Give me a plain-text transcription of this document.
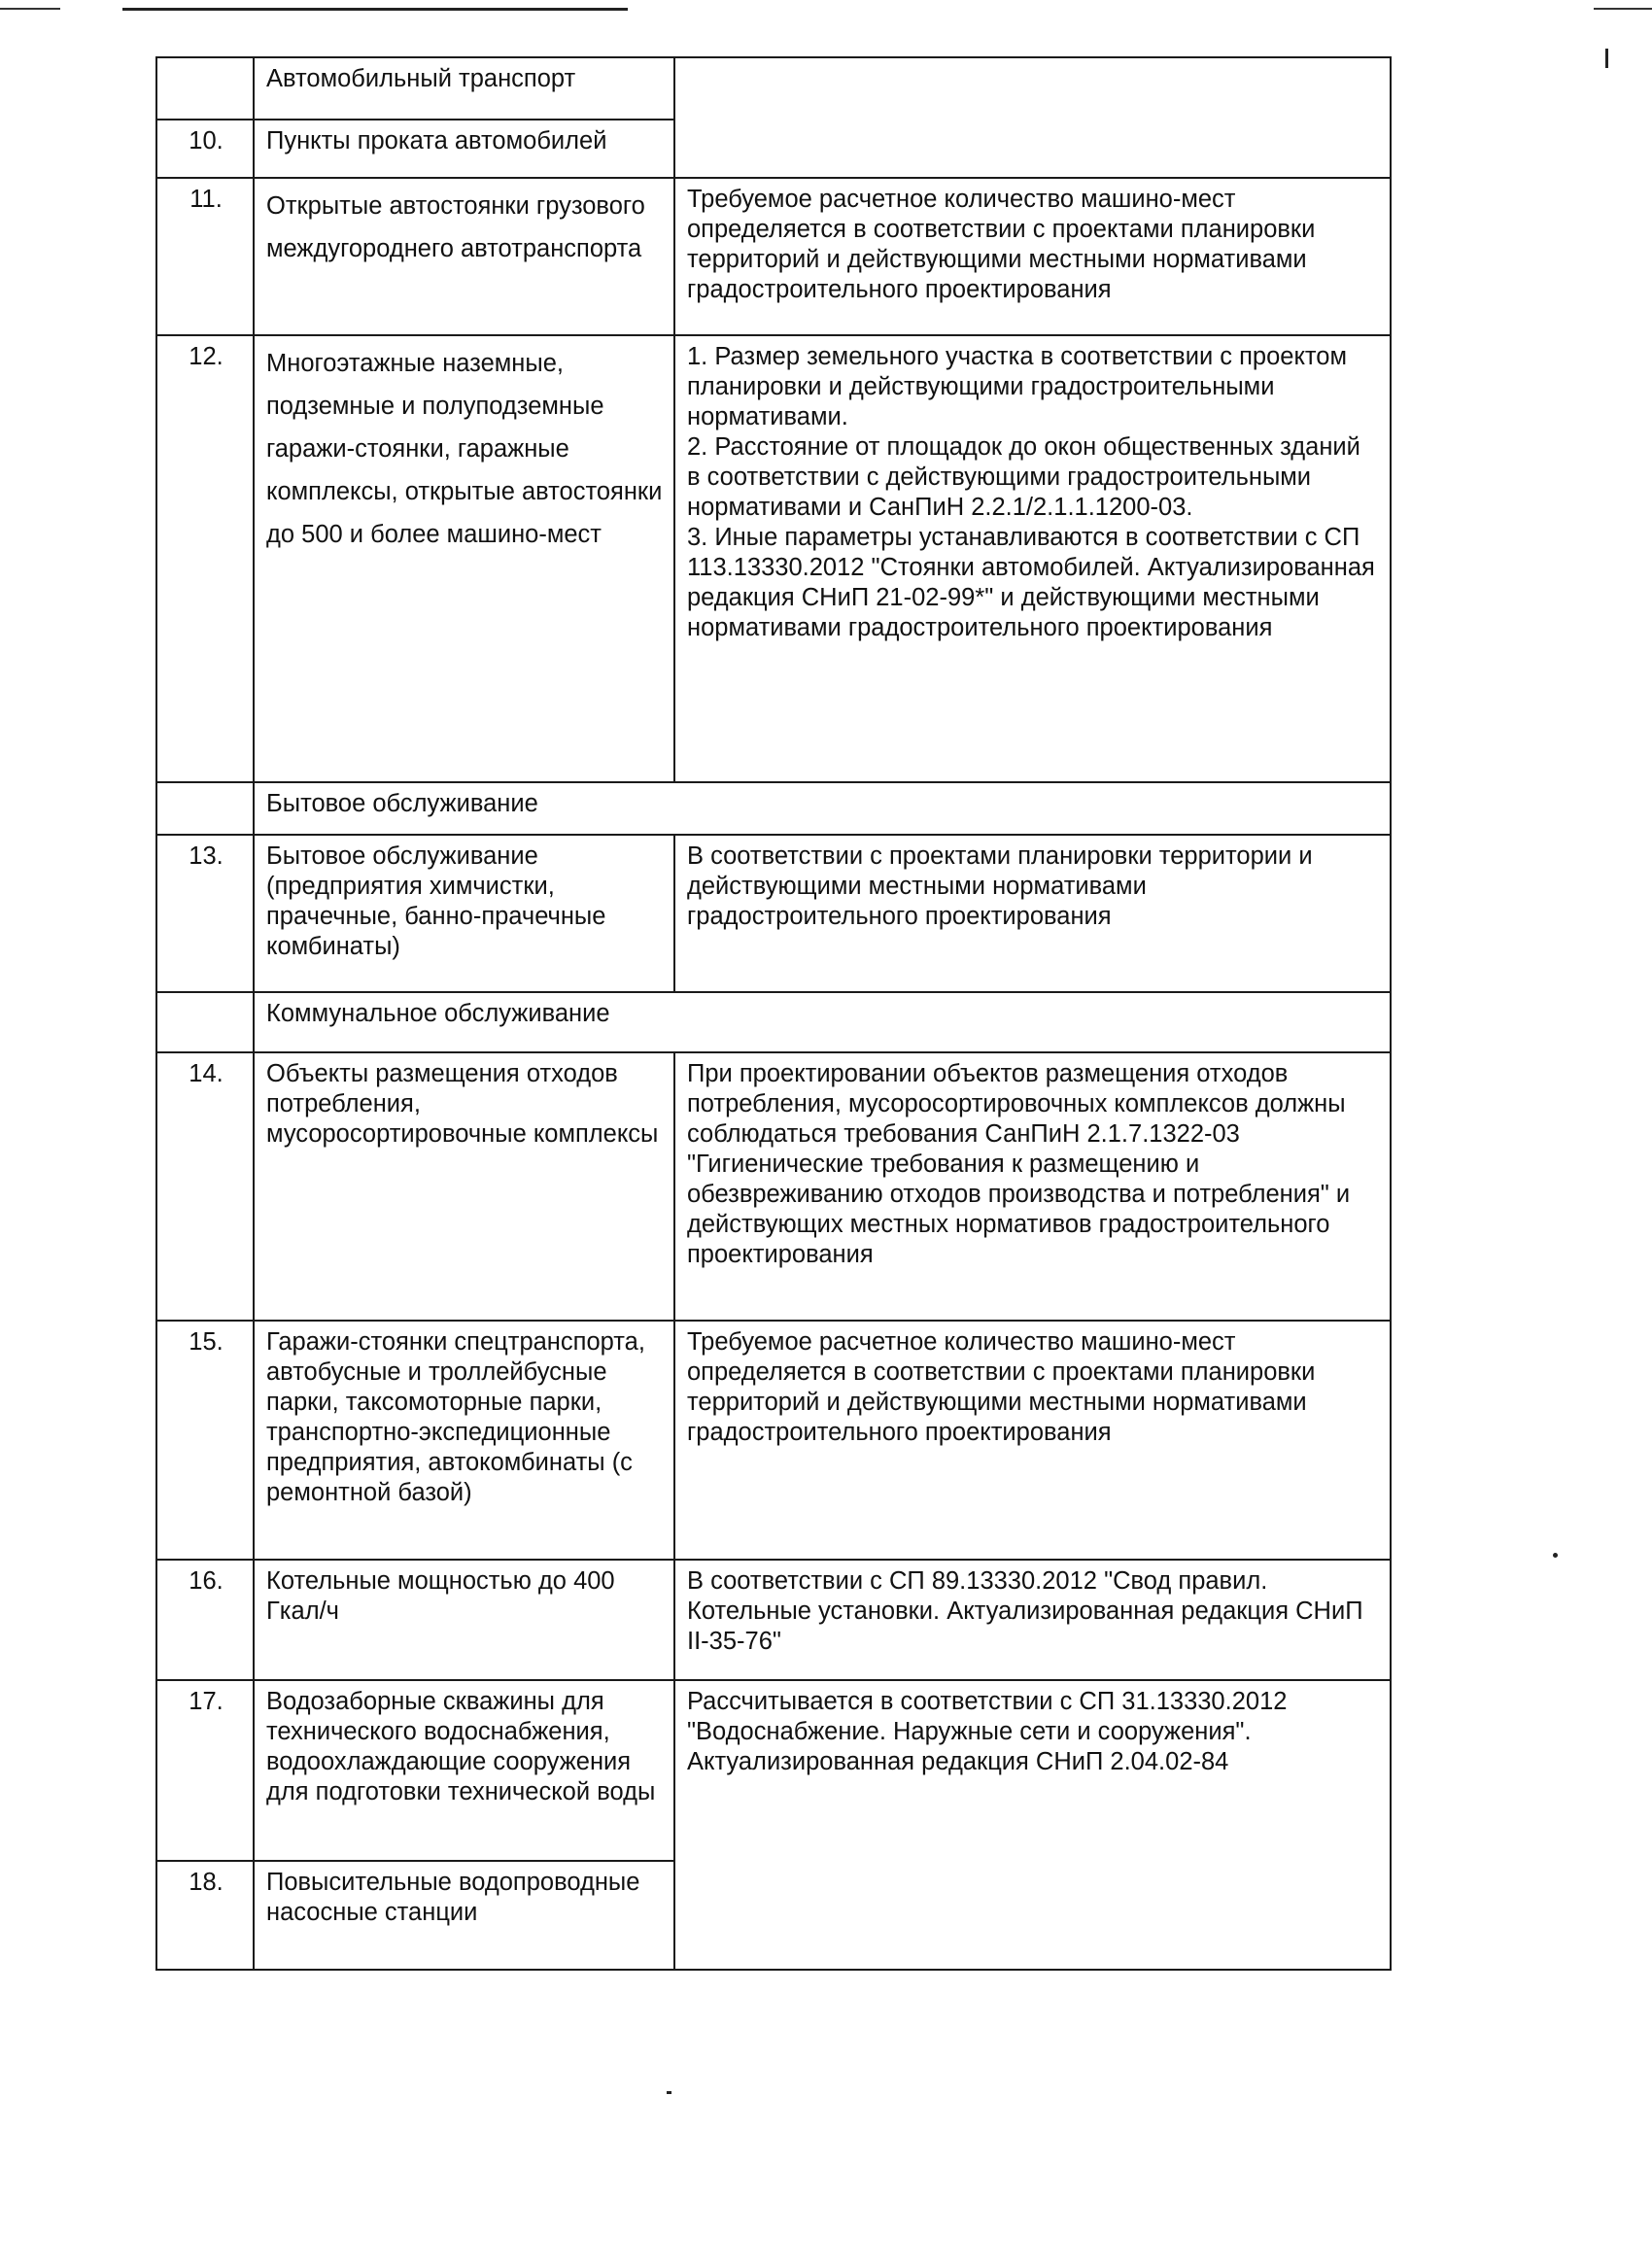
	Автомобильный транспорт	
10.	Пункты проката автомобилей	
11.	Открытые автостоянки грузового междугороднего автотранспорта	Требуемое расчетное количество машино-мест определяется в соответствии с проектами планировки территорий и действующими местными нормативами градостроительного проектирования
12.	Многоэтажные наземные, подземные и полуподземные гаражи-стоянки, гаражные комплексы, открытые автостоянки до 500 и более машино-мест	1. Размер земельного участка в соответствии с проектом планировки и действующими градостроительными нормативами.
2. Расстояние от площадок до окон общественных зданий в соответствии с действующими градостроительными нормативами и СанПиН 2.2.1/2.1.1.1200-03.
3. Иные параметры устанавливаются в соответствии с СП 113.13330.2012 "Стоянки автомобилей. Актуализированная редакция СНиП 21-02-99*" и действующими местными нормативами градостроительного проектирования
	Бытовое обслуживание	
13.	Бытовое обслуживание (предприятия химчистки, прачечные, банно-прачечные комбинаты)	В соответствии с проектами планировки территории и действующими местными нормативами градостроительного проектирования
	Коммунальное обслуживание	
14.	Объекты размещения отходов потребления, мусоросортировочные комплексы	При проектировании объектов размещения отходов потребления, мусоросортировочных комплексов должны соблюдаться требования СанПиН 2.1.7.1322-03 "Гигиенические требования к размещению и обезвреживанию отходов производства и потребления" и действующих местных нормативов градостроительного проектирования
15.	Гаражи-стоянки спецтранспорта, автобусные и троллейбусные парки, таксомоторные парки, транспортно-экспедиционные предприятия, автокомбинаты (с ремонтной базой)	Требуемое расчетное количество машино-мест определяется в соответствии с проектами планировки территорий и действующими местными нормативами градостроительного проектирования
16.	Котельные мощностью до 400 Гкал/ч	В соответствии с СП 89.13330.2012 "Свод правил. Котельные установки. Актуализированная редакция СНиП II-35-76"
17.	Водозаборные скважины для технического водоснабжения, водоохлаждающие сооружения для подготовки технической воды	Рассчитывается в соответствии с СП 31.13330.2012 "Водоснабжение. Наружные сети и сооружения". Актуализированная редакция СНиП 2.04.02-84
18.	Повысительные водопроводные насосные станции	
